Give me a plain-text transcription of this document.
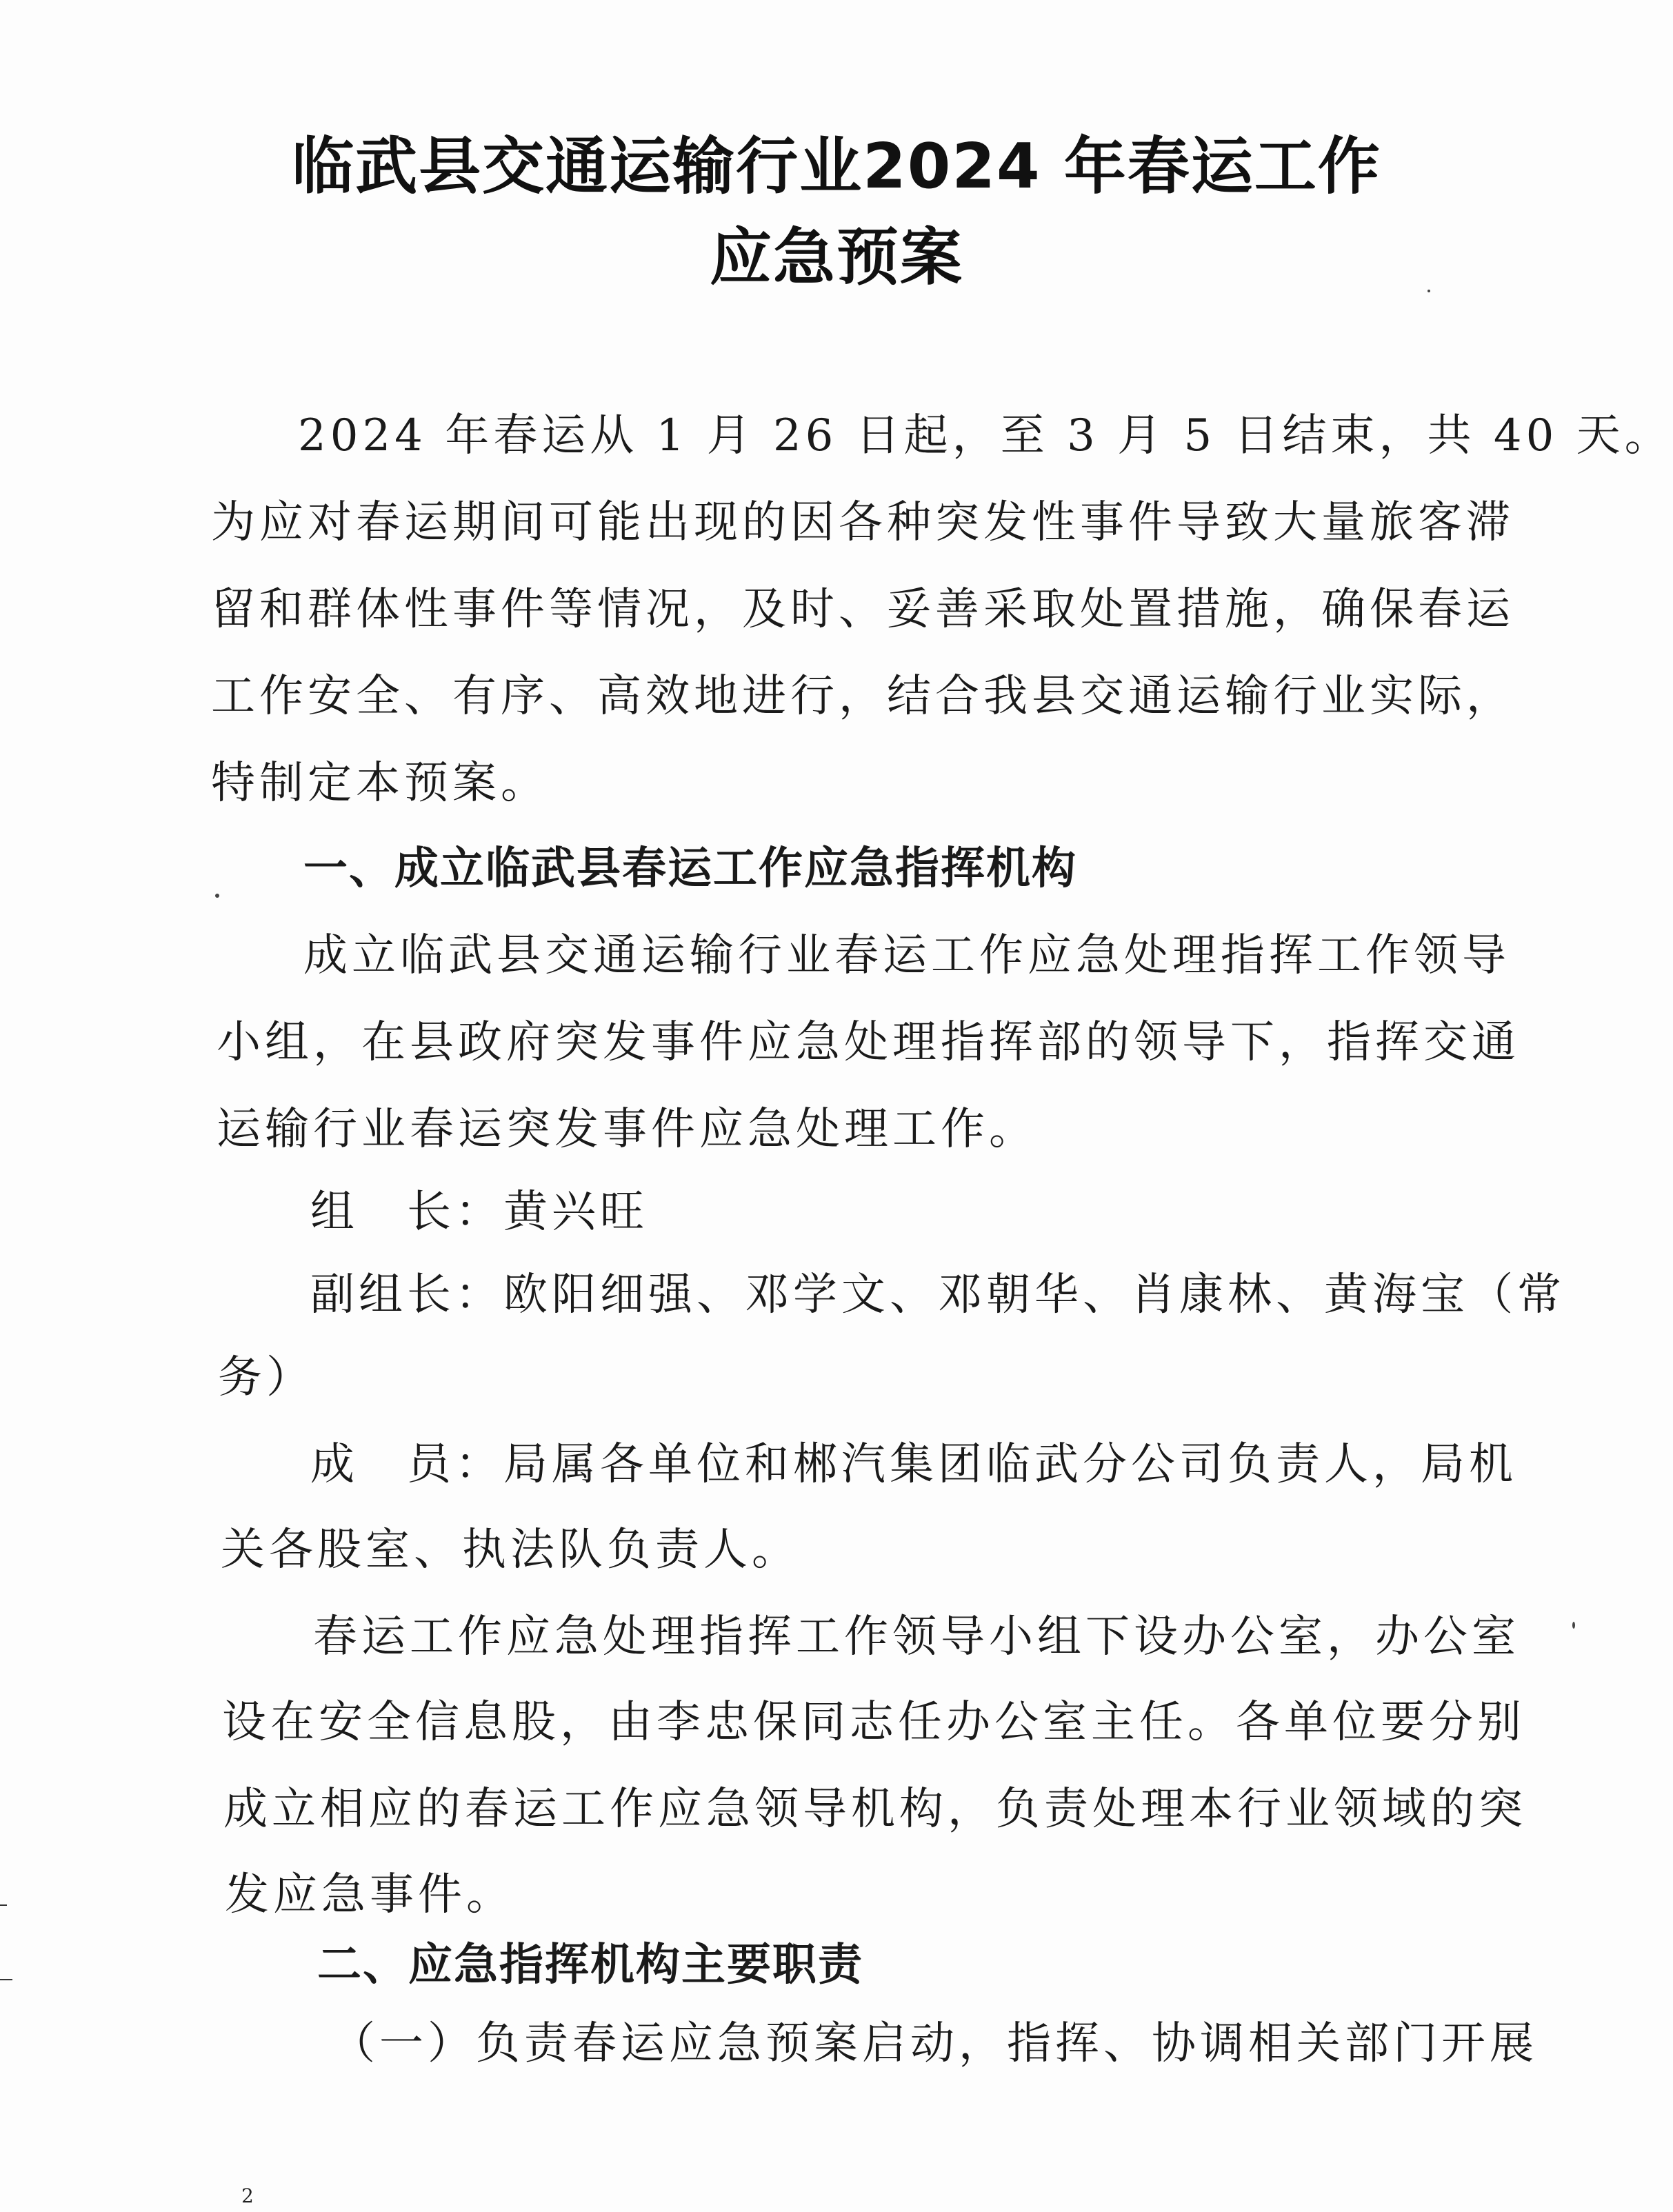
临武县交通运输行业2024 年春运工作
应急预案
2024 年春运从 1 月 26 日起，至 3 月 5 日结束，共 40 天。
为应对春运期间可能出现的因各种突发性事件导致大量旅客滞
留和群体性事件等情况，及时、妥善采取处置措施，确保春运
工作安全、有序、高效地进行，结合我县交通运输行业实际，
特制定本预案。
一、成立临武县春运工作应急指挥机构
成立临武县交通运输行业春运工作应急处理指挥工作领导
小组，在县政府突发事件应急处理指挥部的领导下，指挥交通
运输行业春运突发事件应急处理工作。
组　长：黄兴旺
副组长：欧阳细强、邓学文、邓朝华、肖康林、黄海宝（常
务）
成　员：局属各单位和郴汽集团临武分公司负责人，局机
关各股室、执法队负责人。
春运工作应急处理指挥工作领导小组下设办公室，办公室
设在安全信息股，由李忠保同志任办公室主任。各单位要分别
成立相应的春运工作应急领导机构，负责处理本行业领域的突
发应急事件。
二、应急指挥机构主要职责
（一）负责春运应急预案启动，指挥、协调相关部门开展
2
